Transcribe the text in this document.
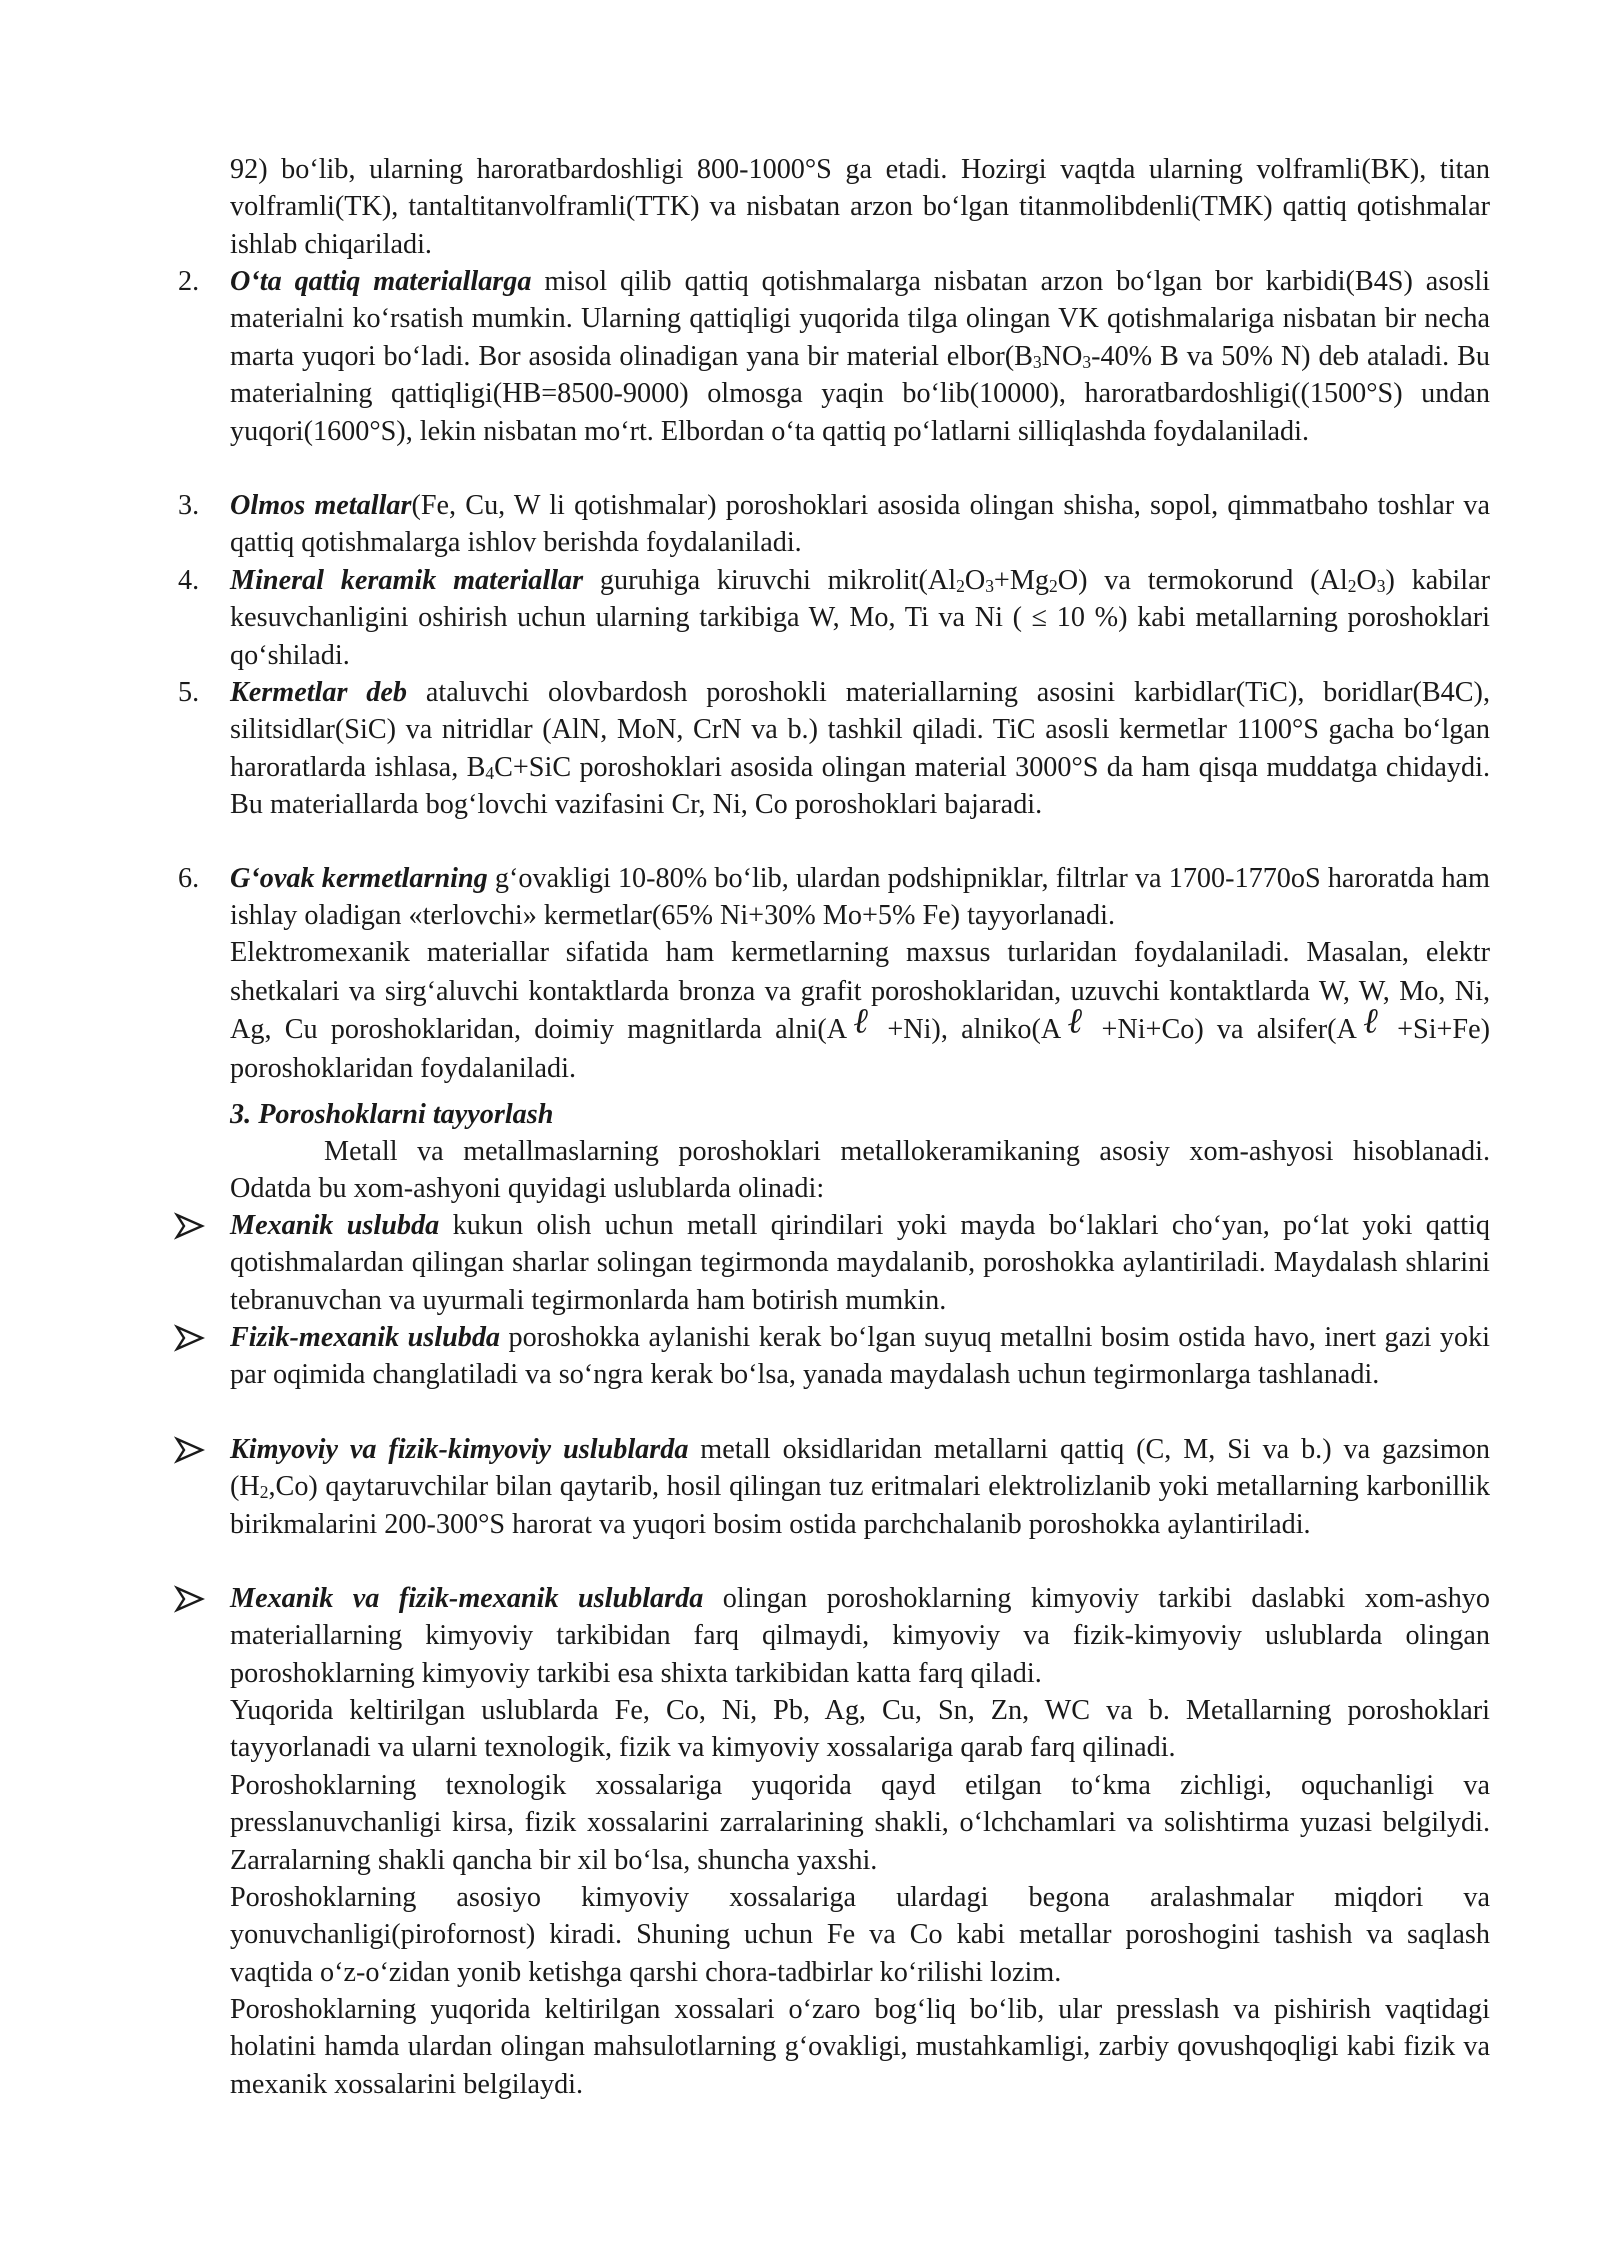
92) bo‘lib, ularning haroratbardoshligi 800-1000°S ga etadi. Hozirgi vaqtda ularning volframli(BK), titan volframli(TK), tantaltitanvolframli(TTK) va nisbatan arzon bo‘lgan titanmolibdenli(TMK) qattiq qotishmalar ishlab chiqariladi.
2.	O‘ta qattiq materiallarga misol qilib qattiq qotishmalarga nisbatan arzon bo‘lgan bor karbidi(B4S) asosli materialni ko‘rsatish mumkin. Ularning qattiqligi yuqorida tilga olingan VK qotishmalariga nisbatan bir necha marta yuqori bo‘ladi. Bor asosida olinadigan yana bir material $elbor(B_3NO_3-40\%$ B va 50% N) deb ataladi. Bu materialning qattiqligi(HB=8500-9000) olmosga yaqin bo‘lib(10000), haroratbardoshligi((1500°S) undan yuqori(1600°S), lekin nisbatan mo‘rt. Elbordan o‘ta qattiq po‘latlarni silliqlashda foydalaniladi.
3.	Olmos metallar(Fe, Cu, W li qotishmalar) poroshoklari asosida olingan shisha, sopol, qimmatbaho toshlar va qattiq qotishmalarga ishlov berishda foydalaniladi.
4.	Mineral keramik materiallar guruhiga kiruvchi $mikrolit(Al_2O_3+Mg_2O)$ va termokorund $(Al_2O_3)$ kabilar kesuvchanligini oshirish uchun ularning tarkibiga W, Mo, Ti va Ni ( ≤ 10 %) kabi metallarning poroshoklari qo‘shiladi.
5.	Kermetlar deb ataluvchi olovbardosh poroshokli materiallarning asosini karbidlar(TiC), boridlar(B4C), silitsidlar(SiC) va nitridlar (AlN, MoN, CrN va b.) tashkil qiladi. TiC asosli kermetlar 1100°S gacha bo‘lgan haroratlarda ishlasa, $B_4C+SiC$ poroshoklari asosida olingan material 3000°S da ham qisqa muddatga chidaydi. Bu materiallarda bog‘lovchi vazifasini Cr, Ni, Co poroshoklari bajaradi.
6.	G‘ovak kermetlarning g‘ovakligi 10-80% bo‘lib, ulardan podshipniklar, filtrlar va 1700-1770oS haroratda ham ishlay oladigan «terlovchi» kermetlar(65% Ni+30% Mo+5% Fe) tayyorlanadi.
Elektromexanik materiallar sifatida ham kermetlarning maxsus turlaridan foydalaniladi. Masalan, elektr shetkalari va sirg‘aluvchi kontaktlarda bronza va grafit poroshoklaridan, uzuvchi kontaktlarda W, W, Mo, Ni, Ag, Cu poroshoklaridan, doimiy magnitlarda alni(Aℓ +Ni), alniko(Aℓ +Ni+Co) va alsifer(Aℓ +Si+Fe) poroshoklaridan foydalaniladi.
3. Poroshoklarni tayyorlash
Metall va metallmaslarning poroshoklari metallokeramikaning asosiy xom-ashyosi hisoblanadi. Odatda bu xom-ashyoni quyidagi uslublarda olinadi:
Mexanik uslubda kukun olish uchun metall qirindilari yoki mayda bo‘laklari cho‘yan, po‘lat yoki qattiq qotishmalardan qilingan sharlar solingan tegirmonda maydalanib, poroshokka aylantiriladi. Maydalash shlarini tebranuvchan va uyurmali tegirmonlarda ham botirish mumkin.
Fizik-mexanik uslubda poroshokka aylanishi kerak bo‘lgan suyuq metallni bosim ostida havo, inert gazi yoki par oqimida changlatiladi va so‘ngra kerak bo‘lsa, yanada maydalash uchun tegirmonlarga tashlanadi.
Kimyoviy va fizik-kimyoviy uslublarda metall oksidlaridan metallarni qattiq (C, M, Si va b.) va gazsimon $(H_2,Co)$ qaytaruvchilar bilan qaytarib, hosil qilingan tuz eritmalari elektrolizlanib yoki metallarning karbonillik birikmalarini 200-300°S harorat va yuqori bosim ostida parchchalanib poroshokka aylantiriladi.
Mexanik va fizik-mexanik uslublarda olingan poroshoklarning kimyoviy tarkibi daslabki xom-ashyo materiallarning kimyoviy tarkibidan farq qilmaydi, kimyoviy va fizik-kimyoviy uslublarda olingan poroshoklarning kimyoviy tarkibi esa shixta tarkibidan katta farq qiladi.
Yuqorida keltirilgan uslublarda Fe, Co, Ni, Pb, Ag, Cu, Sn, Zn, WC va b. Metallarning poroshoklari tayyorlanadi va ularni texnologik, fizik va kimyoviy xossalariga qarab farq qilinadi.
Poroshoklarning texnologik xossalariga yuqorida qayd etilgan to‘kma zichligi, oquchanligi va presslanuvchanligi kirsa, fizik xossalarini zarralarining shakli, o‘lchchamlari va solishtirma yuzasi belgilydi. Zarralarning shakli qancha bir xil bo‘lsa, shuncha yaxshi.
Poroshoklarning asosiyo kimyoviy xossalariga ulardagi begona aralashmalar miqdori va yonuvchanligi(pirofornost) kiradi. Shuning uchun Fe va Co kabi metallar poroshogini tashish va saqlash vaqtida o‘z-o‘zidan yonib ketishga qarshi chora-tadbirlar ko‘rilishi lozim.
Poroshoklarning yuqorida keltirilgan xossalari o‘zaro bog‘liq bo‘lib, ular presslash va pishirish vaqtidagi holatini hamda ulardan olingan mahsulotlarning g‘ovakligi, mustahkamligi, zarbiy qovushqoqligi kabi fizik va mexanik xossalarini belgilaydi.
